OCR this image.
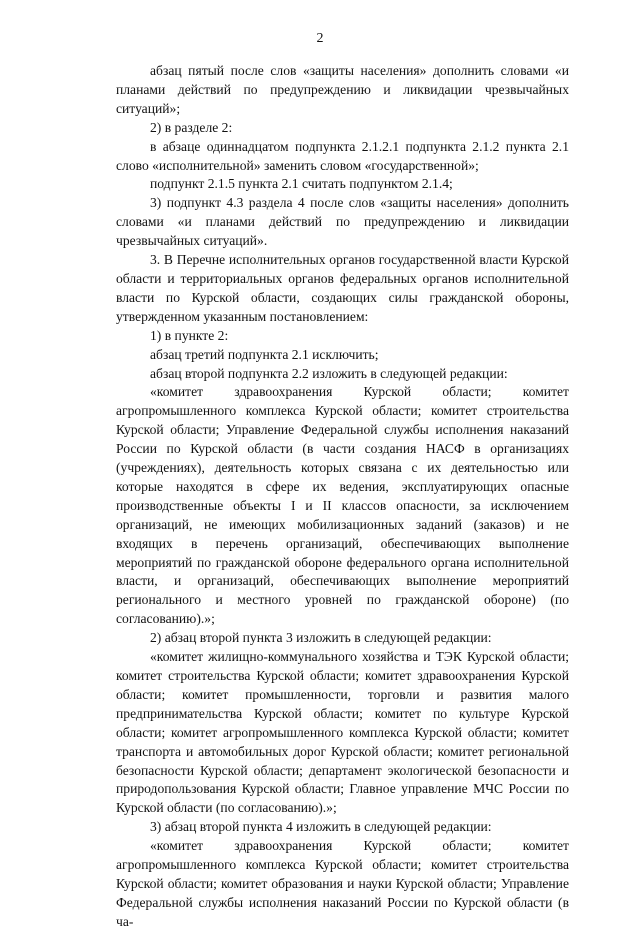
2

абзац пятый после слов «защиты населения» дополнить словами «и планами действий по предупреждению и ликвидации чрезвычайных ситуаций»;

2) в разделе 2:

в абзаце одиннадцатом подпункта 2.1.2.1 подпункта 2.1.2 пункта 2.1 слово «исполнительной» заменить словом «государственной»;

подпункт 2.1.5 пункта 2.1 считать подпунктом 2.1.4;

3) подпункт 4.3 раздела 4 после слов «защиты населения» дополнить словами «и планами действий по предупреждению и ликвидации чрезвычайных ситуаций».

3. В Перечне исполнительных органов государственной власти Курской области и территориальных органов федеральных органов исполнительной власти по Курской области, создающих силы гражданской обороны, утвержденном указанным постановлением:

1) в пункте 2:

абзац третий подпункта 2.1 исключить;

абзац второй подпункта 2.2 изложить в следующей редакции:

«комитет здравоохранения Курской области; комитет агропромышленного комплекса Курской области; комитет строительства Курской области; Управление Федеральной службы исполнения наказаний России по Курской области (в части создания НАСФ в организациях (учреждениях), деятельность которых связана с их деятельностью или которые находятся в сфере их ведения, эксплуатирующих опасные производственные объекты I и II классов опасности, за исключением организаций, не имеющих мобилизационных заданий (заказов) и не входящих в перечень организаций, обеспечивающих выполнение мероприятий по гражданской обороне федерального органа исполнительной власти, и организаций, обеспечивающих выполнение мероприятий регионального и местного уровней по гражданской обороне) (по согласованию).»;

2) абзац второй пункта 3 изложить в следующей редакции:

«комитет жилищно-коммунального хозяйства и ТЭК Курской области; комитет строительства Курской области; комитет здравоохранения Курской области; комитет промышленности, торговли и развития малого предпринимательства Курской области; комитет по культуре Курской области; комитет агропромышленного комплекса Курской области; комитет транспорта и автомобильных дорог Курской области; комитет региональной безопасности Курской области; департамент экологической безопасности и природопользования Курской области; Главное управление МЧС России по Курской области (по согласованию).»;

3) абзац второй пункта 4 изложить в следующей редакции:

«комитет здравоохранения Курской области; комитет агропромышленного комплекса Курской области; комитет строительства Курской области; комитет образования и науки Курской области; Управление Федеральной службы исполнения наказаний России по Курской области (в ча-
